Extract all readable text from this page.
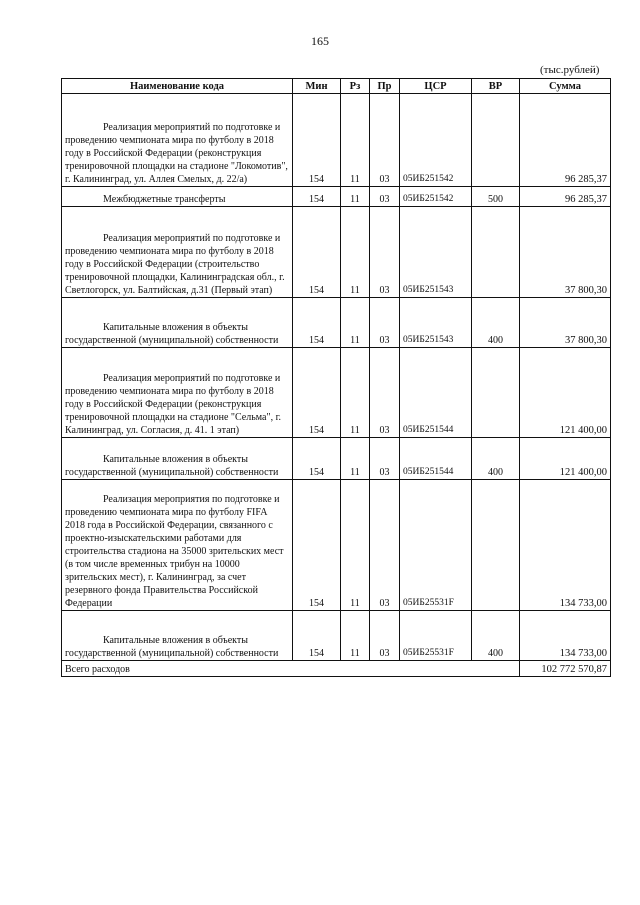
165
(тыс.рублей)
Наименование кода	Мин	Рз	Пр	ЦСР	ВР	Сумма
Реализация мероприятий по подготовке и проведению чемпионата мира по футболу в 2018 году в Российской Федерации (реконструкция тренировочной площадки на стадионе "Локомотив", г. Калининград, ул. Аллея Смелых, д. 22/а)	154	11	03	05ИБ251542		96 285,37
Межбюджетные трансферты	154	11	03	05ИБ251542	500	96 285,37
Реализация мероприятий по подготовке и проведению чемпионата мира по футболу в 2018 году в Российской Федерации (строительство тренировочной площадки, Калининградская обл., г. Светлогорск, ул. Балтийская, д.31 (Первый этап)	154	11	03	05ИБ251543		37 800,30
Капитальные вложения в объекты государственной (муниципальной) собственности	154	11	03	05ИБ251543	400	37 800,30
Реализация мероприятий по подготовке и проведению чемпионата мира по футболу в 2018 году в Российской Федерации (реконструкция тренировочной площадки на стадионе "Сельма", г. Калининград, ул. Согласия, д. 41. 1 этап)	154	11	03	05ИБ251544		121 400,00
Капитальные вложения в объекты государственной (муниципальной) собственности	154	11	03	05ИБ251544	400	121 400,00
Реализация мероприятия по подготовке и проведению чемпионата мира по футболу FIFA 2018 года в Российской Федерации, связанного с проектно-изыскательскими работами для строительства стадиона на 35000 зрительских мест (в том числе временных трибун на 10000 зрительских мест), г. Калининград, за счет резервного фонда Правительства Российской Федерации	154	11	03	05ИБ25531F		134 733,00
Капитальные вложения в объекты государственной (муниципальной) собственности	154	11	03	05ИБ25531F	400	134 733,00
Всего расходов						102 772 570,87
